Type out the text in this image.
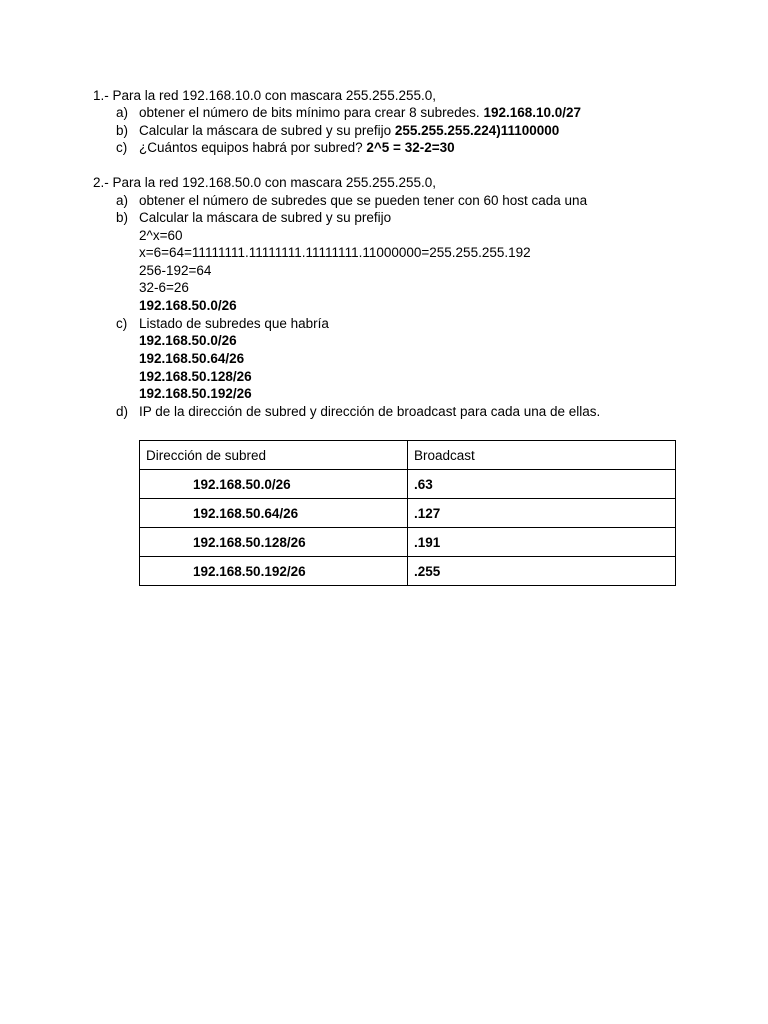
1.- Para la red 192.168.10.0 con mascara 255.255.255.0,
a) obtener el número de bits mínimo para crear 8 subredes. 192.168.10.0/27
b) Calcular la máscara de subred y su prefijo 255.255.255.224)11100000
c) ¿Cuántos equipos habrá por subred? 2^5 = 32-2=30
2.- Para la red 192.168.50.0 con mascara 255.255.255.0,
a) obtener el número de subredes que se pueden tener con 60 host cada una
b) Calcular la máscara de subred y su prefijo
2^x=60
x=6=64=11111111.11111111.11111111.11000000=255.255.255.192
256-192=64
32-6=26
192.168.50.0/26
c) Listado de subredes que habría
192.168.50.0/26
192.168.50.64/26
192.168.50.128/26
192.168.50.192/26
d) IP de la dirección de subred y dirección de broadcast para cada una de ellas.
Dirección de subred	Broadcast
192.168.50.0/26	.63
192.168.50.64/26	.127
192.168.50.128/26	.191
192.168.50.192/26	.255
